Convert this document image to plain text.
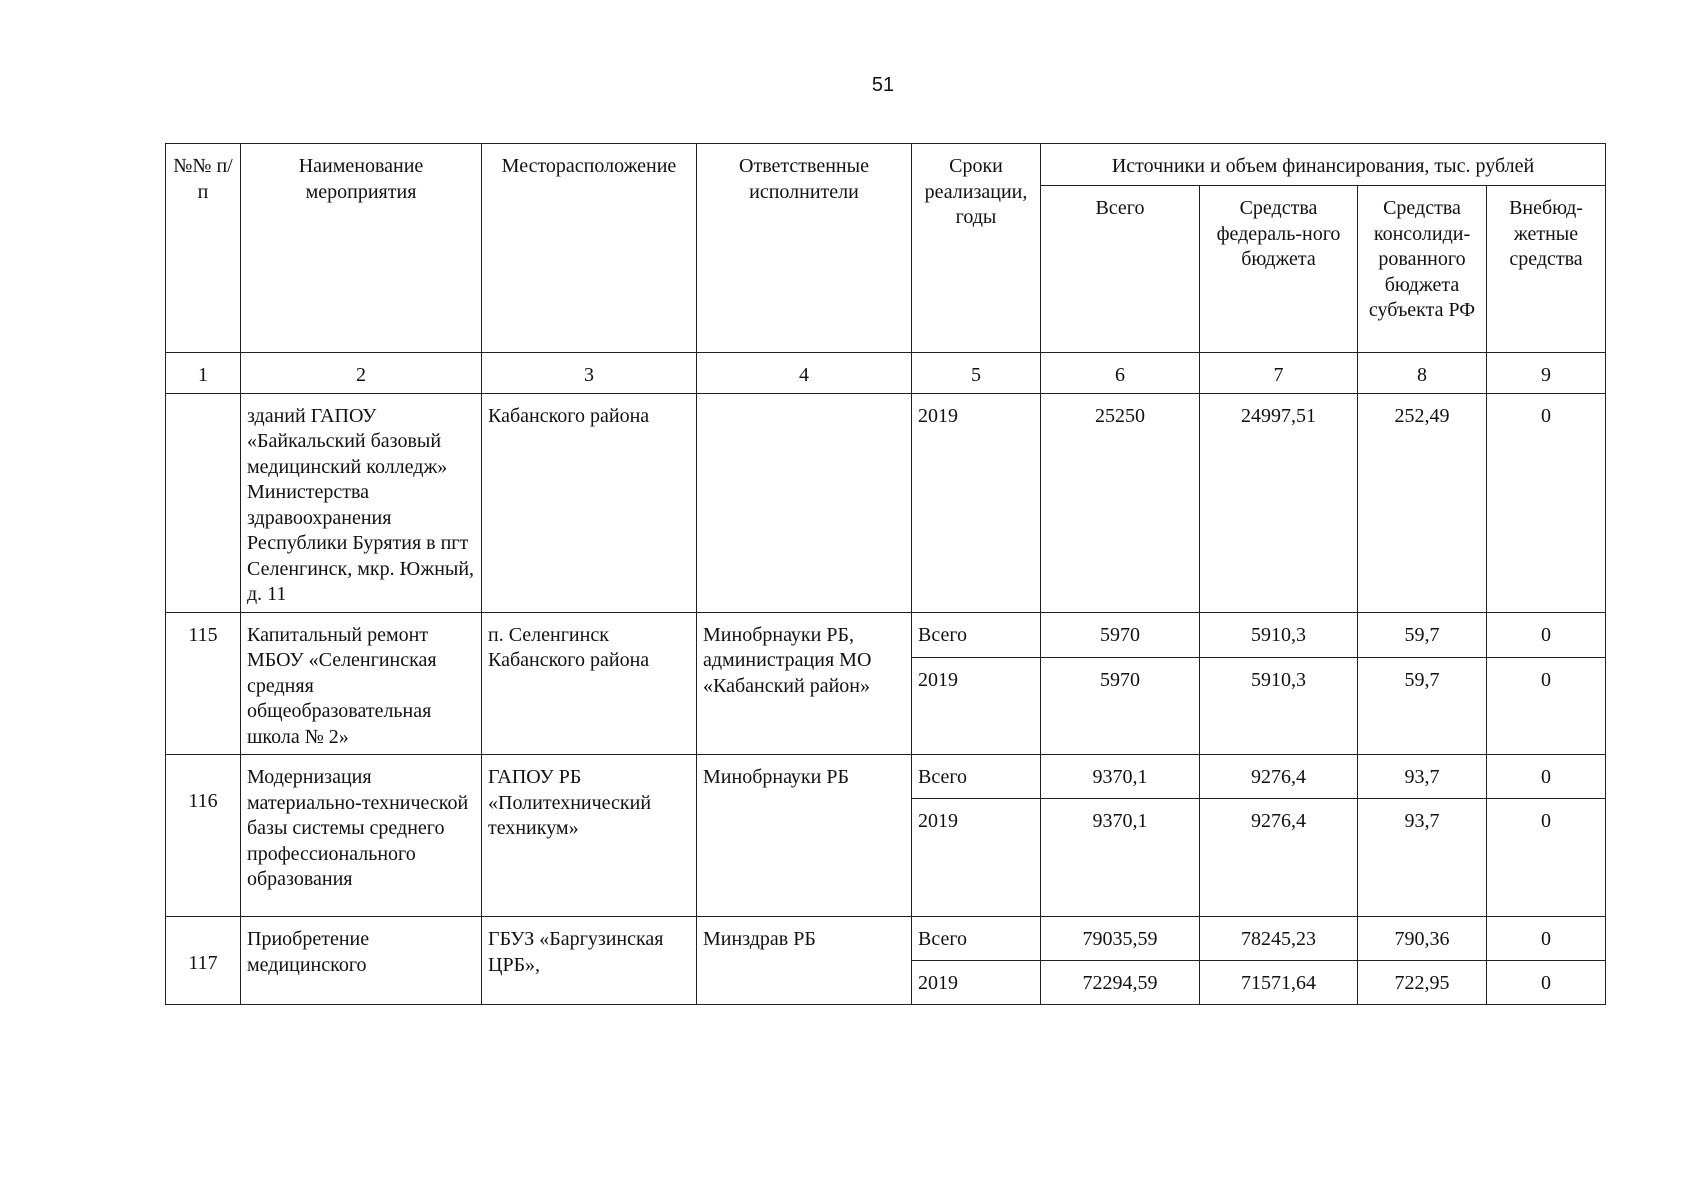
51
№№ п/п	Наименование мероприятия	Месторасположение	Ответственные исполнители	Сроки реализации, годы	Источники и объем финансирования, тыс. рублей			
					Всего	Средства федераль-ного бюджета	Средства консолиди-рованного бюджета субъекта РФ	Внебюд-жетные средства
1	2	3	4	5	6	7	8	9
	зданий ГАПОУ «Байкальский базовый медицинский колледж» Министерства здравоохранения Республики Бурятия в пгт Селенгинск, мкр. Южный, д. 11	Кабанского района		2019	25250	24997,51	252,49	0
115	Капитальный ремонт МБОУ «Селенгинская средняя общеобразовательная школа № 2»	п. Селенгинск Кабанского района	Минобрнауки РБ, администрация МО «Кабанский район»	Всего	5970	5910,3	59,7	0
				2019	5970	5910,3	59,7	0
116	Модернизация материально-технической базы системы среднего профессионального образования	ГАПОУ РБ «Политехнический техникум»	Минобрнауки РБ	Всего	9370,1	9276,4	93,7	0
				2019	9370,1	9276,4	93,7	0
117	Приобретение медицинского	ГБУЗ «Баргузинская ЦРБ»,	Минздрав РБ	Всего	79035,59	78245,23	790,36	0
				2019	72294,59	71571,64	722,95	0
